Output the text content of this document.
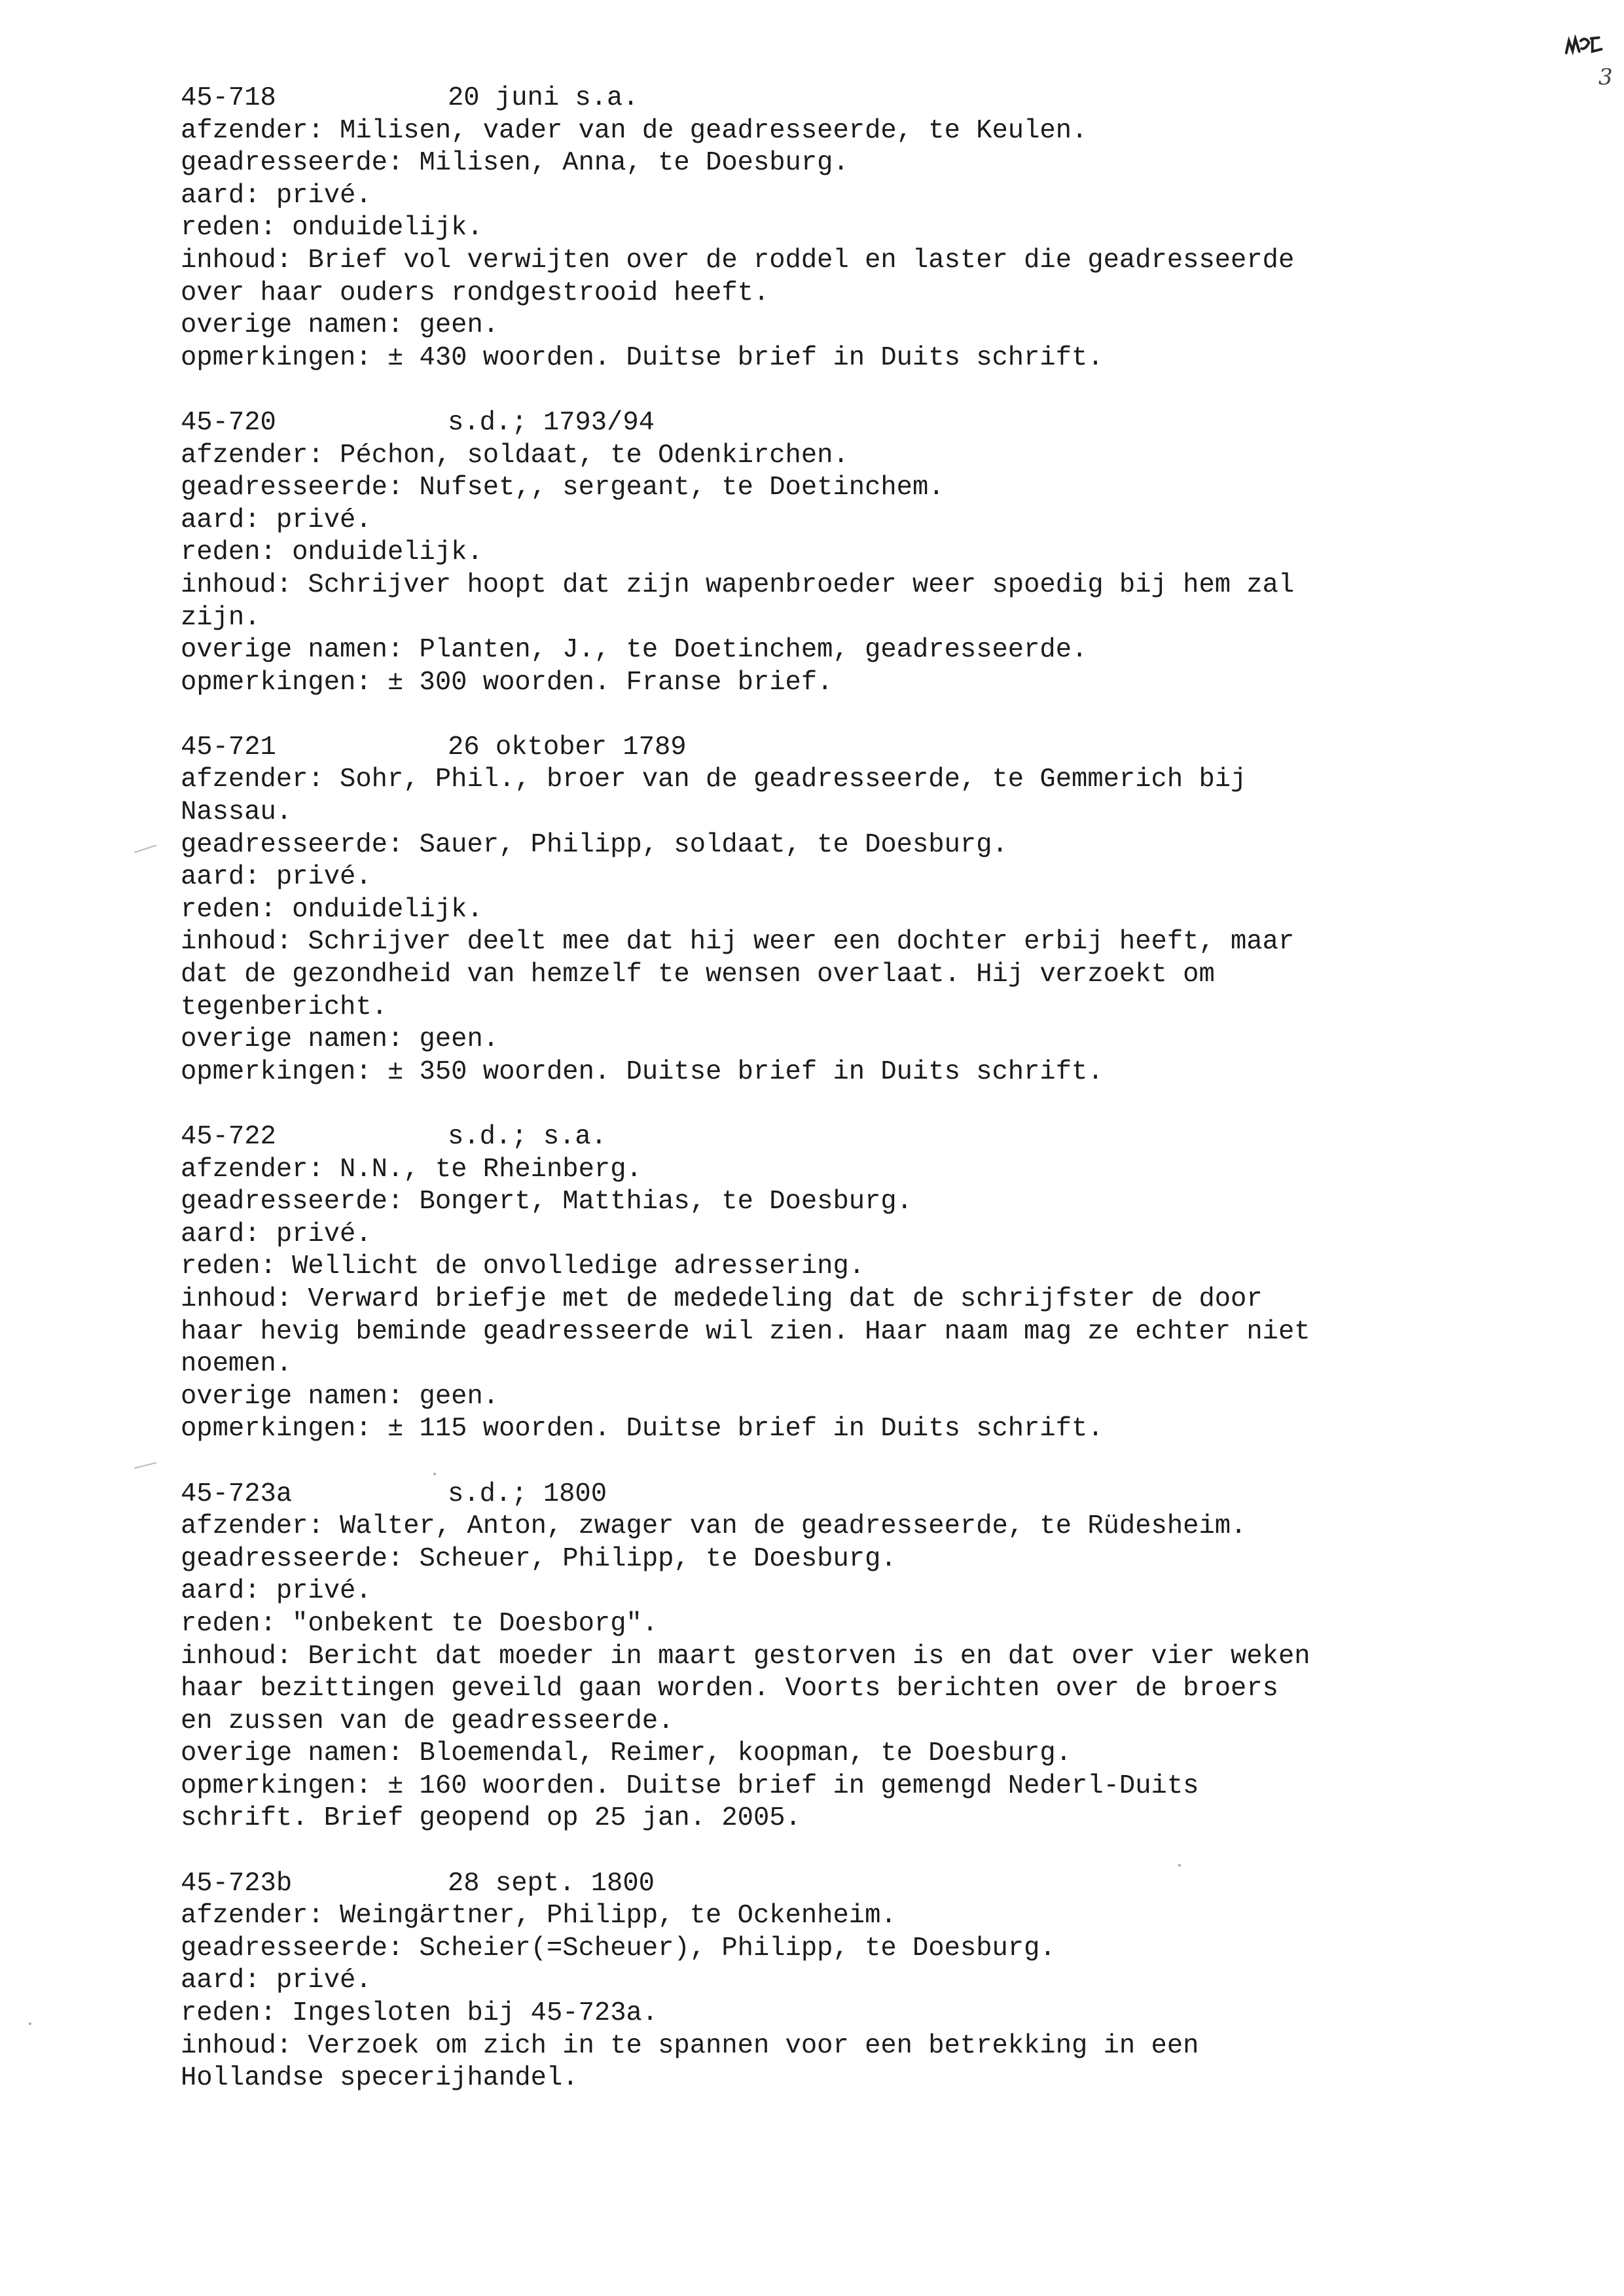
3
45-718	20 juni s.a.
afzender: Milisen, vader van de geadresseerde, te Keulen.
geadresseerde: Milisen, Anna, te Doesburg.
aard: privé.
reden: onduidelijk.
inhoud: Brief vol verwijten over de roddel en laster die geadresseerde
over haar ouders rondgestrooid heeft.
overige namen: geen.
opmerkingen: ± 430 woorden. Duitse brief in Duits schrift.
45-720	s.d.; 1793/94
afzender: Péchon, soldaat, te Odenkirchen.
geadresseerde: Nufset,, sergeant, te Doetinchem.
aard: privé.
reden: onduidelijk.
inhoud: Schrijver hoopt dat zijn wapenbroeder weer spoedig bij hem zal
zijn.
overige namen: Planten, J., te Doetinchem, geadresseerde.
opmerkingen: ± 300 woorden. Franse brief.
45-721	26 oktober 1789
afzender: Sohr, Phil., broer van de geadresseerde, te Gemmerich bij
Nassau.
geadresseerde: Sauer, Philipp, soldaat, te Doesburg.
aard: privé.
reden: onduidelijk.
inhoud: Schrijver deelt mee dat hij weer een dochter erbij heeft, maar
dat de gezondheid van hemzelf te wensen overlaat. Hij verzoekt om
tegenbericht.
overige namen: geen.
opmerkingen: ± 350 woorden. Duitse brief in Duits schrift.
45-722	s.d.; s.a.
afzender: N.N., te Rheinberg.
geadresseerde: Bongert, Matthias, te Doesburg.
aard: privé.
reden: Wellicht de onvolledige adressering.
inhoud: Verward briefje met de mededeling dat de schrijfster de door
haar hevig beminde geadresseerde wil zien. Haar naam mag ze echter niet
noemen.
overige namen: geen.
opmerkingen: ± 115 woorden. Duitse brief in Duits schrift.
45-723a	s.d.; 1800
afzender: Walter, Anton, zwager van de geadresseerde, te Rüdesheim.
geadresseerde: Scheuer, Philipp, te Doesburg.
aard: privé.
reden: "onbekent te Doesborg".
inhoud: Bericht dat moeder in maart gestorven is en dat over vier weken
haar bezittingen geveild gaan worden. Voorts berichten over de broers
en zussen van de geadresseerde.
overige namen: Bloemendal, Reimer, koopman, te Doesburg.
opmerkingen: ± 160 woorden. Duitse brief in gemengd Nederl-Duits
schrift. Brief geopend op 25 jan. 2005.
45-723b	28 sept. 1800
afzender: Weingärtner, Philipp, te Ockenheim.
geadresseerde: Scheier(=Scheuer), Philipp, te Doesburg.
aard: privé.
reden: Ingesloten bij 45-723a.
inhoud: Verzoek om zich in te spannen voor een betrekking in een
Hollandse specerijhandel.
